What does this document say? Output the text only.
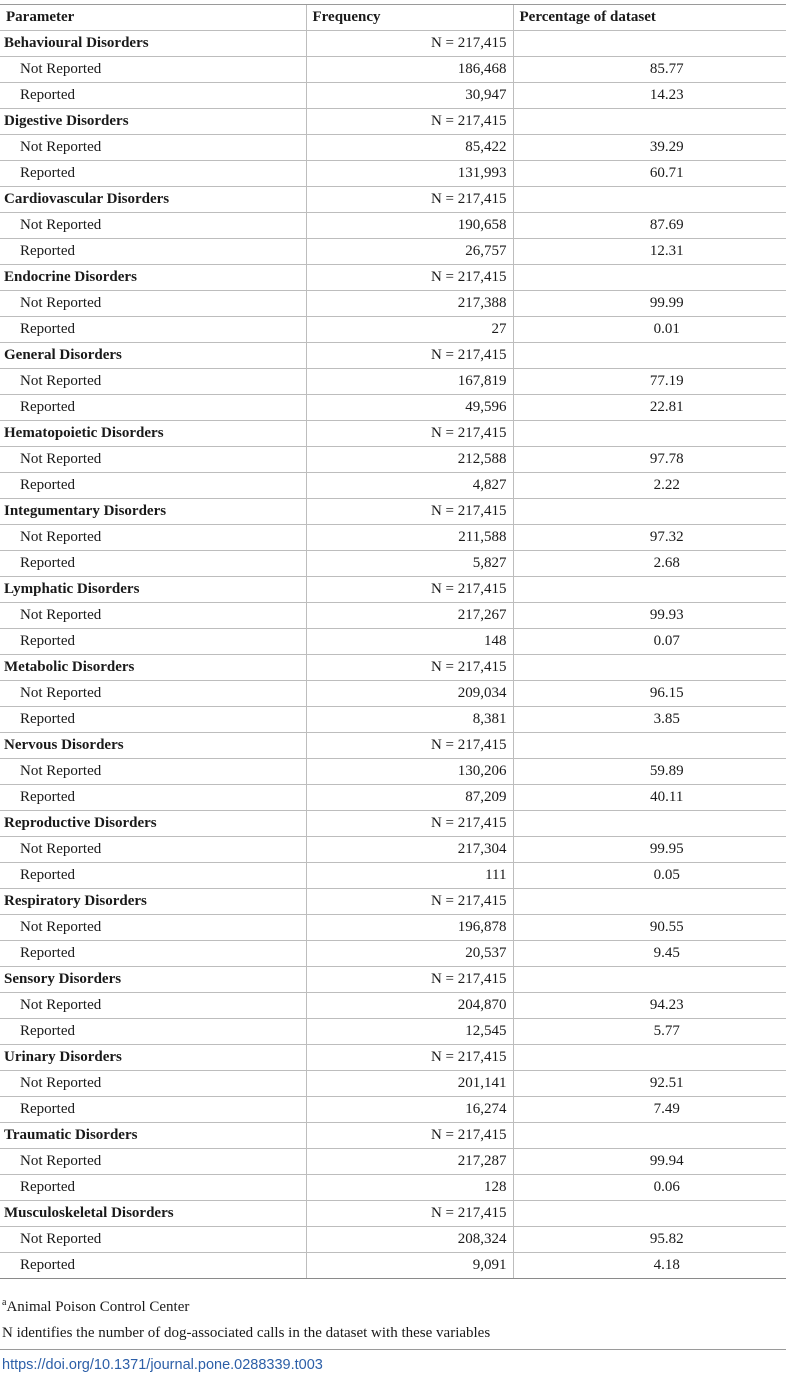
Parameter	Frequency	Percentage of dataset
Behavioural Disorders	N = 217,415	
Not Reported	186,468	85.77
Reported	30,947	14.23
Digestive Disorders	N = 217,415	
Not Reported	85,422	39.29
Reported	131,993	60.71
Cardiovascular Disorders	N = 217,415	
Not Reported	190,658	87.69
Reported	26,757	12.31
Endocrine Disorders	N = 217,415	
Not Reported	217,388	99.99
Reported	27	0.01
General Disorders	N = 217,415	
Not Reported	167,819	77.19
Reported	49,596	22.81
Hematopoietic Disorders	N = 217,415	
Not Reported	212,588	97.78
Reported	4,827	2.22
Integumentary Disorders	N = 217,415	
Not Reported	211,588	97.32
Reported	5,827	2.68
Lymphatic Disorders	N = 217,415	
Not Reported	217,267	99.93
Reported	148	0.07
Metabolic Disorders	N = 217,415	
Not Reported	209,034	96.15
Reported	8,381	3.85
Nervous Disorders	N = 217,415	
Not Reported	130,206	59.89
Reported	87,209	40.11
Reproductive Disorders	N = 217,415	
Not Reported	217,304	99.95
Reported	111	0.05
Respiratory Disorders	N = 217,415	
Not Reported	196,878	90.55
Reported	20,537	9.45
Sensory Disorders	N = 217,415	
Not Reported	204,870	94.23
Reported	12,545	5.77
Urinary Disorders	N = 217,415	
Not Reported	201,141	92.51
Reported	16,274	7.49
Traumatic Disorders	N = 217,415	
Not Reported	217,287	99.94
Reported	128	0.06
Musculoskeletal Disorders	N = 217,415	
Not Reported	208,324	95.82
Reported	9,091	4.18
$^a$Animal Poison Control Center
N identifies the number of dog-associated calls in the dataset with these variables
https://doi.org/10.1371/journal.pone.0288339.t003
